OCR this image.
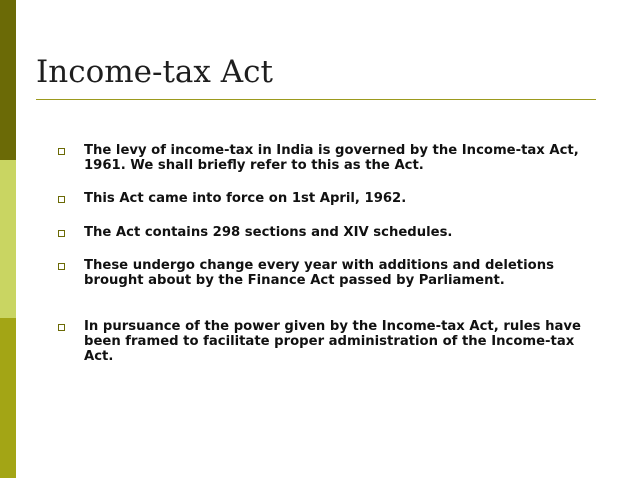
Income-tax Act
The levy of income-tax in India is governed by the Income-tax Act, 1961. We shall briefly refer to this as the Act.
This Act came into force on 1st April, 1962.
The Act contains 298 sections and XIV schedules.
These undergo change every year with additions and deletions brought about by the Finance Act passed by Parliament.
In pursuance of the power given by the Income-tax Act, rules have been framed to facilitate proper administration of the Income-tax Act.
